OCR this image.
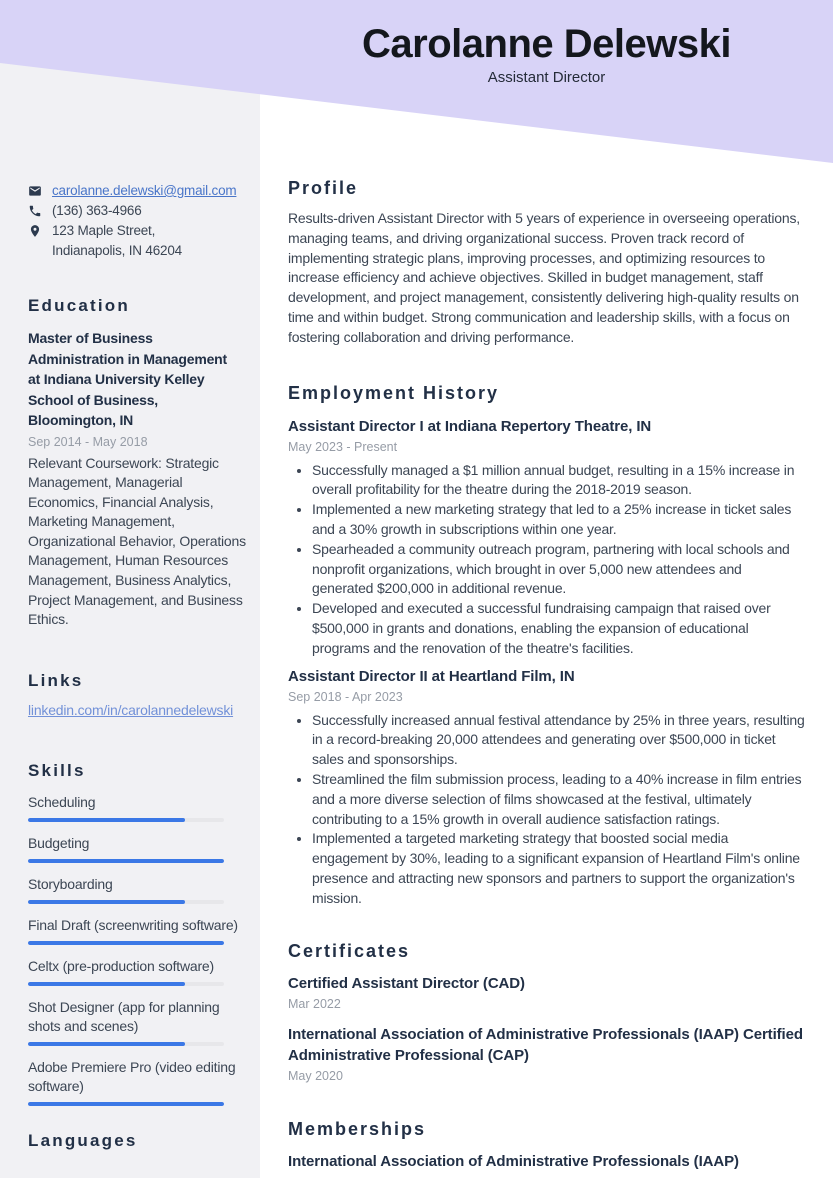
Carolanne Delewski
Assistant Director
carolanne.delewski@gmail.com
(136) 363-4966
123 Maple Street,
Indianapolis, IN 46204
Education
Master of Business Administration in Management at Indiana University Kelley School of Business, Bloomington, IN
Sep 2014 - May 2018
Relevant Coursework: Strategic Management, Managerial Economics, Financial Analysis, Marketing Management, Organizational Behavior, Operations Management, Human Resources Management, Business Analytics, Project Management, and Business Ethics.
Links
linkedin.com/in/carolannedelewski
Skills
Scheduling
Budgeting
Storyboarding
Final Draft (screenwriting software)
Celtx (pre-production software)
Shot Designer (app for planning shots and scenes)
Adobe Premiere Pro (video editing software)
Languages
Profile

Results-driven Assistant Director with 5 years of experience in overseeing operations, managing teams, and driving organizational success. Proven track record of implementing strategic plans, improving processes, and optimizing resources to increase efficiency and achieve objectives. Skilled in budget management, staff development, and project management, consistently delivering high-quality results on time and within budget. Strong communication and leadership skills, with a focus on fostering collaboration and driving performance.

Employment History
Assistant Director I at Indiana Repertory Theatre, IN
May 2023 - Present
• Successfully managed a $1 million annual budget, resulting in a 15% increase in overall profitability for the theatre during the 2018-2019 season.
• Implemented a new marketing strategy that led to a 25% increase in ticket sales and a 30% growth in subscriptions within one year.
• Spearheaded a community outreach program, partnering with local schools and nonprofit organizations, which brought in over 5,000 new attendees and generated $200,000 in additional revenue.
• Developed and executed a successful fundraising campaign that raised over $500,000 in grants and donations, enabling the expansion of educational programs and the renovation of the theatre's facilities.
Assistant Director II at Heartland Film, IN
Sep 2018 - Apr 2023
• Successfully increased annual festival attendance by 25% in three years, resulting in a record-breaking 20,000 attendees and generating over $500,000 in ticket sales and sponsorships.
• Streamlined the film submission process, leading to a 40% increase in film entries and a more diverse selection of films showcased at the festival, ultimately contributing to a 15% growth in overall audience satisfaction ratings.
• Implemented a targeted marketing strategy that boosted social media engagement by 30%, leading to a significant expansion of Heartland Film's online presence and attracting new sponsors and partners to support the organization's mission.
Certificates
Certified Assistant Director (CAD)
Mar 2022
International Association of Administrative Professionals (IAAP) Certified Administrative Professional (CAP)
May 2020
Memberships
International Association of Administrative Professionals (IAAP)
